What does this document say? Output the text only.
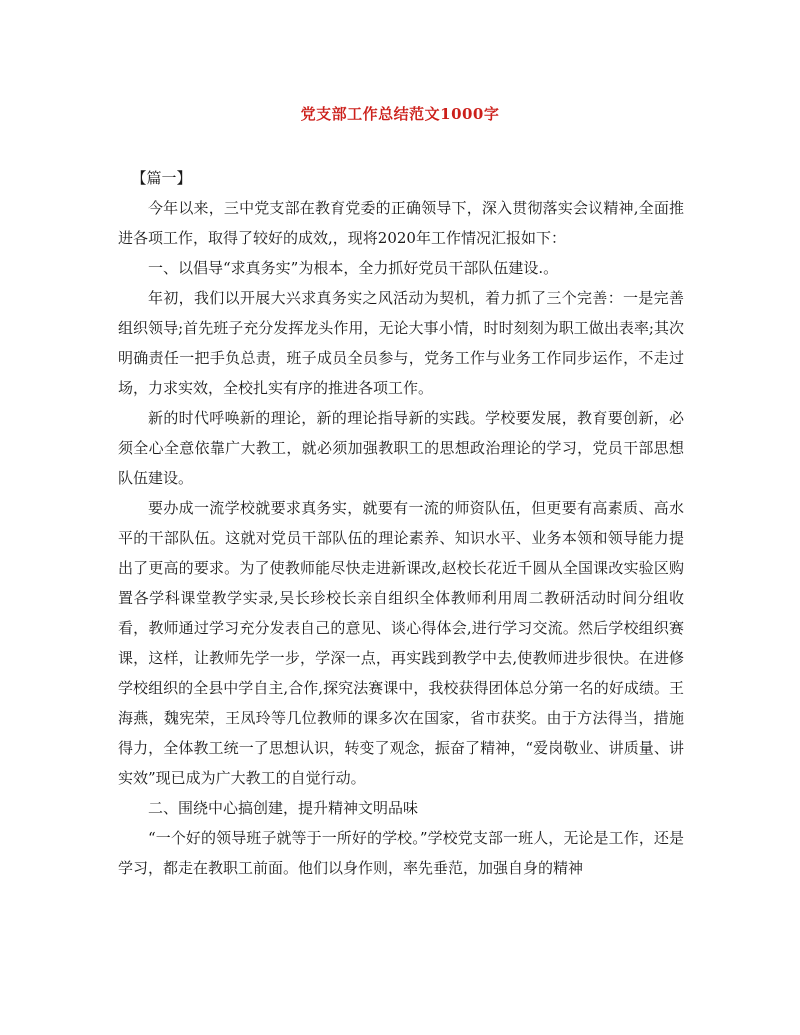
党支部工作总结范文1000字

【篇一】

今年以来，三中党支部在教育党委的正确领导下，深入贯彻落实会议精神,全面推进各项工作，取得了较好的成效,，现将2020年工作情况汇报如下：

一、以倡导“求真务实”为根本，全力抓好党员干部队伍建设.。

年初，我们以开展大兴求真务实之风活动为契机，着力抓了三个完善：一是完善组织领导;首先班子充分发挥龙头作用，无论大事小情，时时刻刻为职工做出表率;其次明确责任一把手负总责，班子成员全员参与，党务工作与业务工作同步运作，不走过场，力求实效，全校扎实有序的推进各项工作。

新的时代呼唤新的理论，新的理论指导新的实践。学校要发展，教育要创新，必须全心全意依靠广大教工，就必须加强教职工的思想政治理论的学习，党员干部思想队伍建设。

要办成一流学校就要求真务实，就要有一流的师资队伍，但更要有高素质、高水平的干部队伍。这就对党员干部队伍的理论素养、知识水平、业务本领和领导能力提出了更高的要求。为了使教师能尽快走进新课改,赵校长花近千圆从全国课改实验区购置各学科课堂教学实录,吴长珍校长亲自组织全体教师利用周二教研活动时间分组收看，教师通过学习充分发表自己的意见、谈心得体会,进行学习交流。然后学校组织赛课，这样，让教师先学一步，学深一点，再实践到教学中去,使教师进步很快。在进修学校组织的全县中学自主,合作,探究法赛课中，我校获得团体总分第一名的好成绩。王海燕，魏宪荣，王凤玲等几位教师的课多次在国家，省市获奖。由于方法得当，措施得力，全体教工统一了思想认识，转变了观念，振奋了精神，“爱岗敬业、讲质量、讲实效”现已成为广大教工的自觉行动。

二、围绕中心搞创建，提升精神文明品味

“一个好的领导班子就等于一所好的学校。”学校党支部一班人，无论是工作，还是学习，都走在教职工前面。他们以身作则，率先垂范，加强自身的精神
